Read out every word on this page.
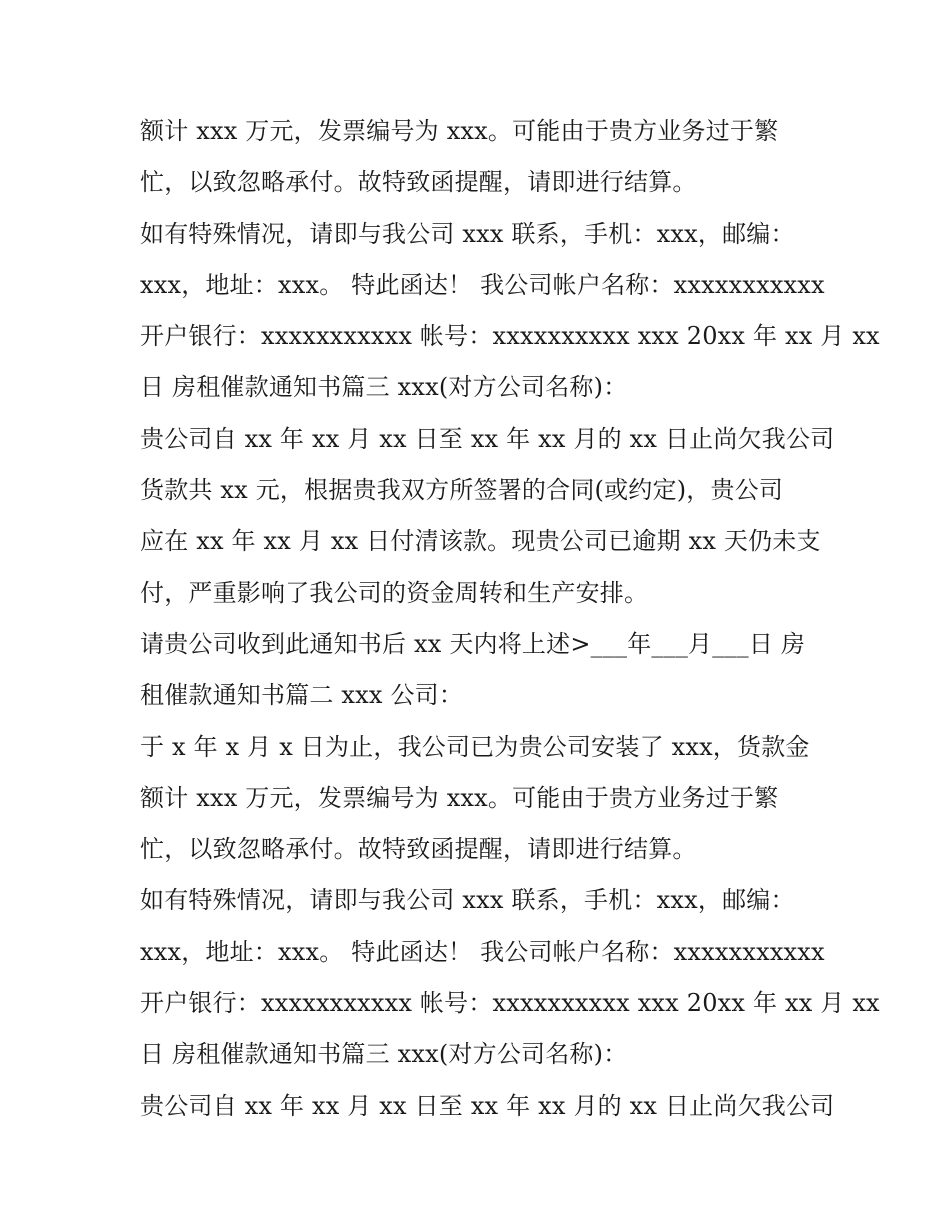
额计 xxx 万元，发票编号为 xxx。可能由于贵方业务过于繁
忙，以致忽略承付。故特致函提醒，请即进行结算。
如有特殊情况，请即与我公司 xxx 联系，手机：xxx，邮编：
xxx，地址：xxx。 特此函达！ 我公司帐户名称：xxxxxxxxxxx
开户银行：xxxxxxxxxxx 帐号：xxxxxxxxxx xxx 20xx 年 xx 月 xx
日 房租催款通知书篇三 xxx(对方公司名称)：
贵公司自 xx 年 xx 月 xx 日至 xx 年 xx 月的 xx 日止尚欠我公司
货款共 xx 元，根据贵我双方所签署的合同(或约定)，贵公司
应在 xx 年 xx 月 xx 日付清该款。现贵公司已逾期 xx 天仍未支
付，严重影响了我公司的资金周转和生产安排。
请贵公司收到此通知书后 xx 天内将上述>___年___月___日 房
租催款通知书篇二 xxx 公司：
于 x 年 x 月 x 日为止，我公司已为贵公司安装了 xxx，货款金
额计 xxx 万元，发票编号为 xxx。可能由于贵方业务过于繁
忙，以致忽略承付。故特致函提醒，请即进行结算。
如有特殊情况，请即与我公司 xxx 联系，手机：xxx，邮编：
xxx，地址：xxx。 特此函达！ 我公司帐户名称：xxxxxxxxxxx
开户银行：xxxxxxxxxxx 帐号：xxxxxxxxxx xxx 20xx 年 xx 月 xx
日 房租催款通知书篇三 xxx(对方公司名称)：
贵公司自 xx 年 xx 月 xx 日至 xx 年 xx 月的 xx 日止尚欠我公司
